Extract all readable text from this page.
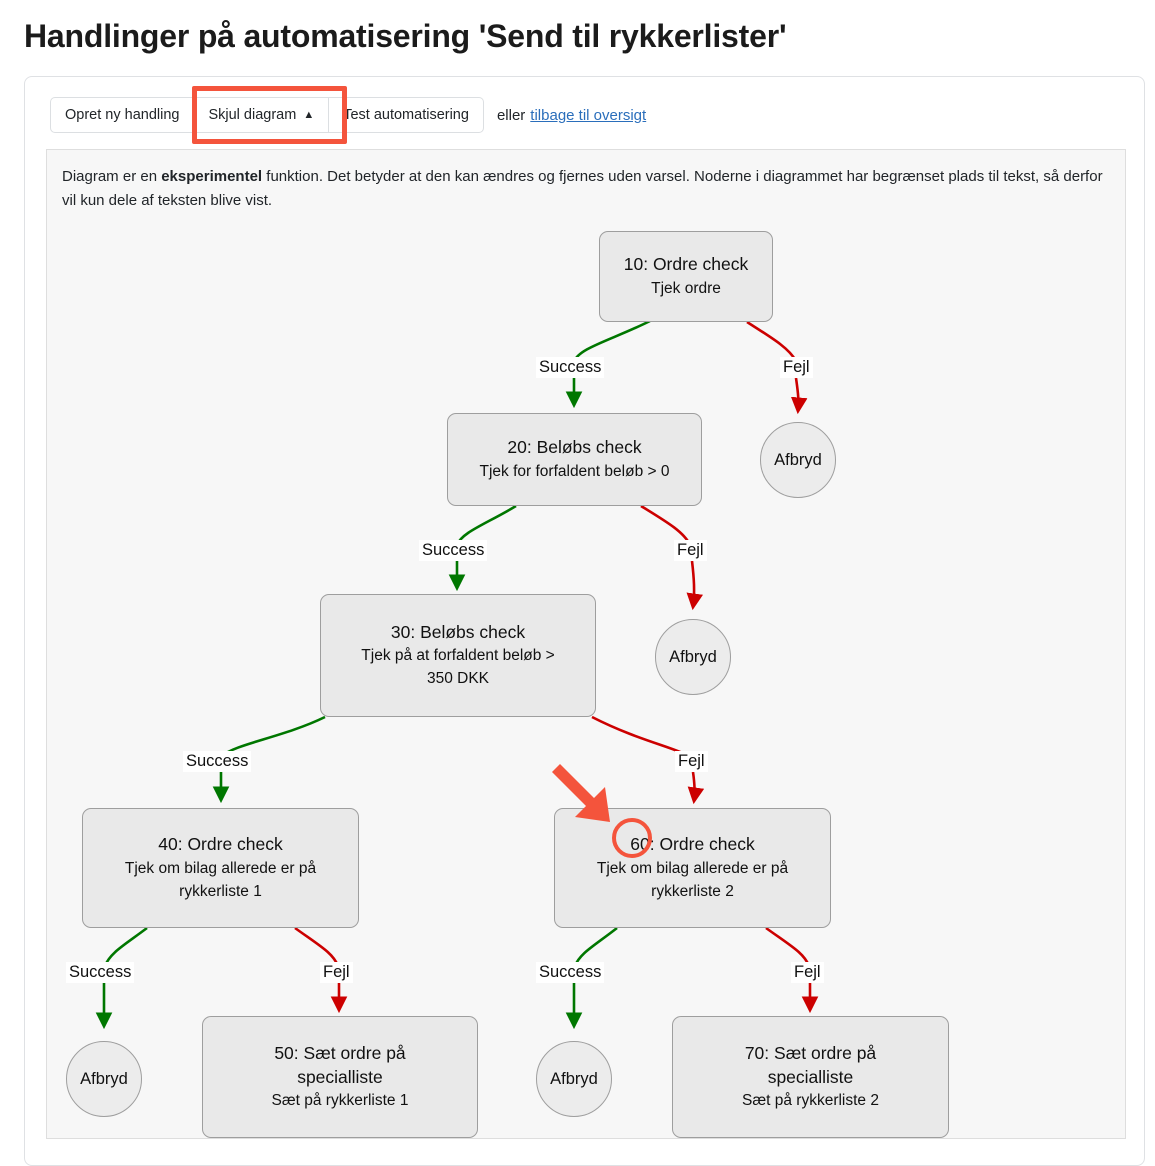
Handlinger på automatisering 'Send til rykkerlister'
Opret ny handling Skjul diagram ▲ Test automatisering eller tilbage til oversigt
Diagram er en eksperimentel funktion. Det betyder at den kan ændres og fjernes uden varsel. Noderne i diagrammet har begrænset plads til tekst, så derfor vil kun dele af teksten blive vist.
10: Ordre check
Tjek ordre
20: Beløbs check
Tjek for forfaldent beløb > 0
30: Beløbs check
Tjek på at forfaldent beløb >
350 DKK
40: Ordre check
Tjek om bilag allerede er på
rykkerliste 1
50: Sæt ordre på
specialliste
Sæt på rykkerliste 1
60: Ordre check
Tjek om bilag allerede er på
rykkerliste 2
70: Sæt ordre på
specialliste
Sæt på rykkerliste 2
Afbryd
Afbryd
Afbryd	Afbryd
Success	Fejl
Success	Fejl
Success	Fejl
Success	Fejl	Success	Fejl
